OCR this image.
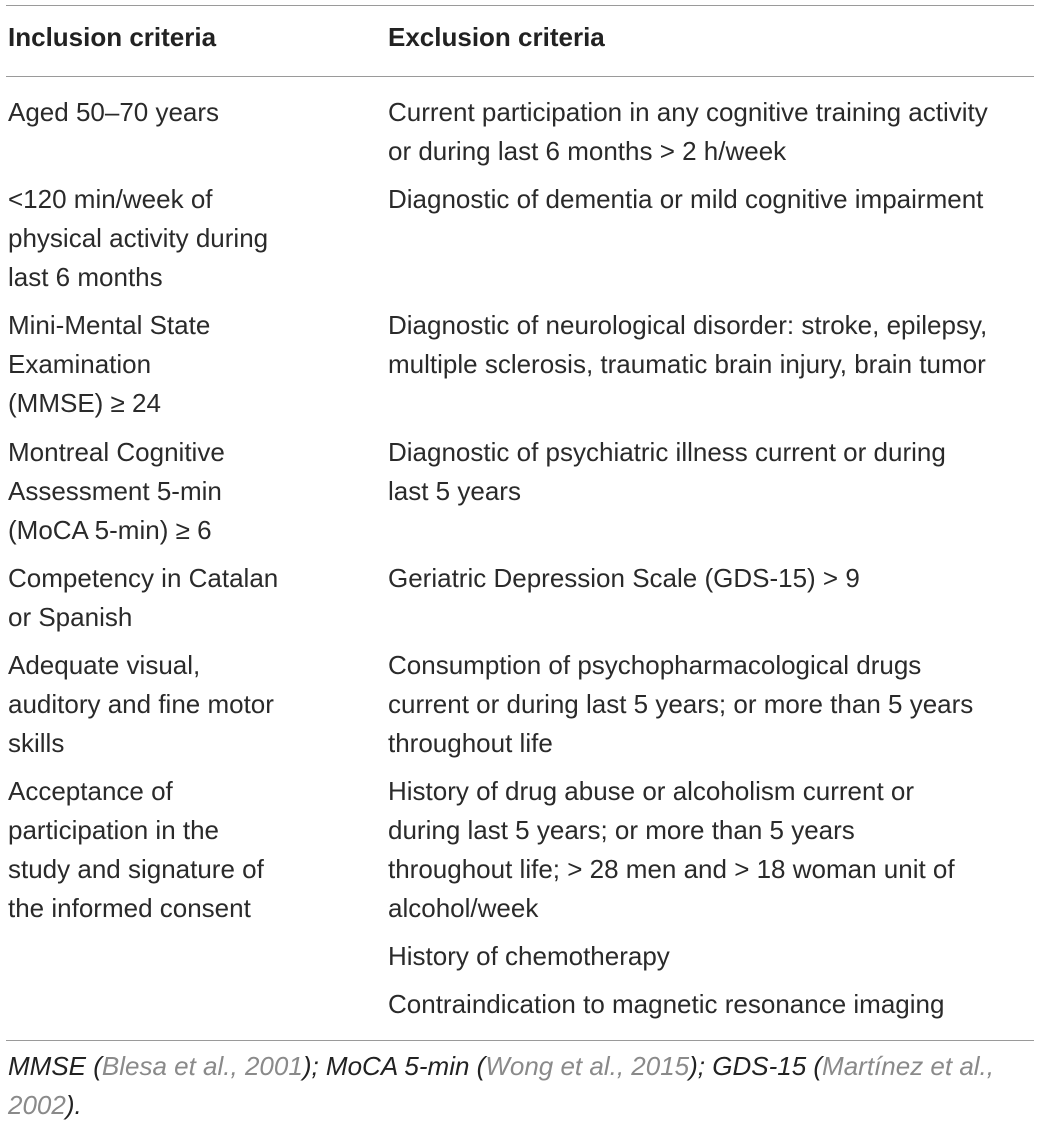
Inclusion criteria	Exclusion criteria
Aged 50–70 years
<120 min/week of
physical activity during
last 6 months
Mini-Mental State
Examination
(MMSE) ≥ 24
Montreal Cognitive
Assessment 5-min
(MoCA 5-min) ≥ 6
Competency in Catalan
or Spanish
Adequate visual,
auditory and fine motor
skills
Acceptance of
participation in the
study and signature of
the informed consent
Current participation in any cognitive training activity
or during last 6 months > 2 h/week
Diagnostic of dementia or mild cognitive impairment
Diagnostic of neurological disorder: stroke, epilepsy,
multiple sclerosis, traumatic brain injury, brain tumor
Diagnostic of psychiatric illness current or during
last 5 years
Geriatric Depression Scale (GDS-15) > 9
Consumption of psychopharmacological drugs
current or during last 5 years; or more than 5 years
throughout life
History of drug abuse or alcoholism current or
during last 5 years; or more than 5 years
throughout life; > 28 men and > 18 woman unit of
alcohol/week
History of chemotherapy
Contraindication to magnetic resonance imaging
MMSE (Blesa et al., 2001); MoCA 5-min (Wong et al., 2015); GDS-15 (Martínez et al., 2002).
